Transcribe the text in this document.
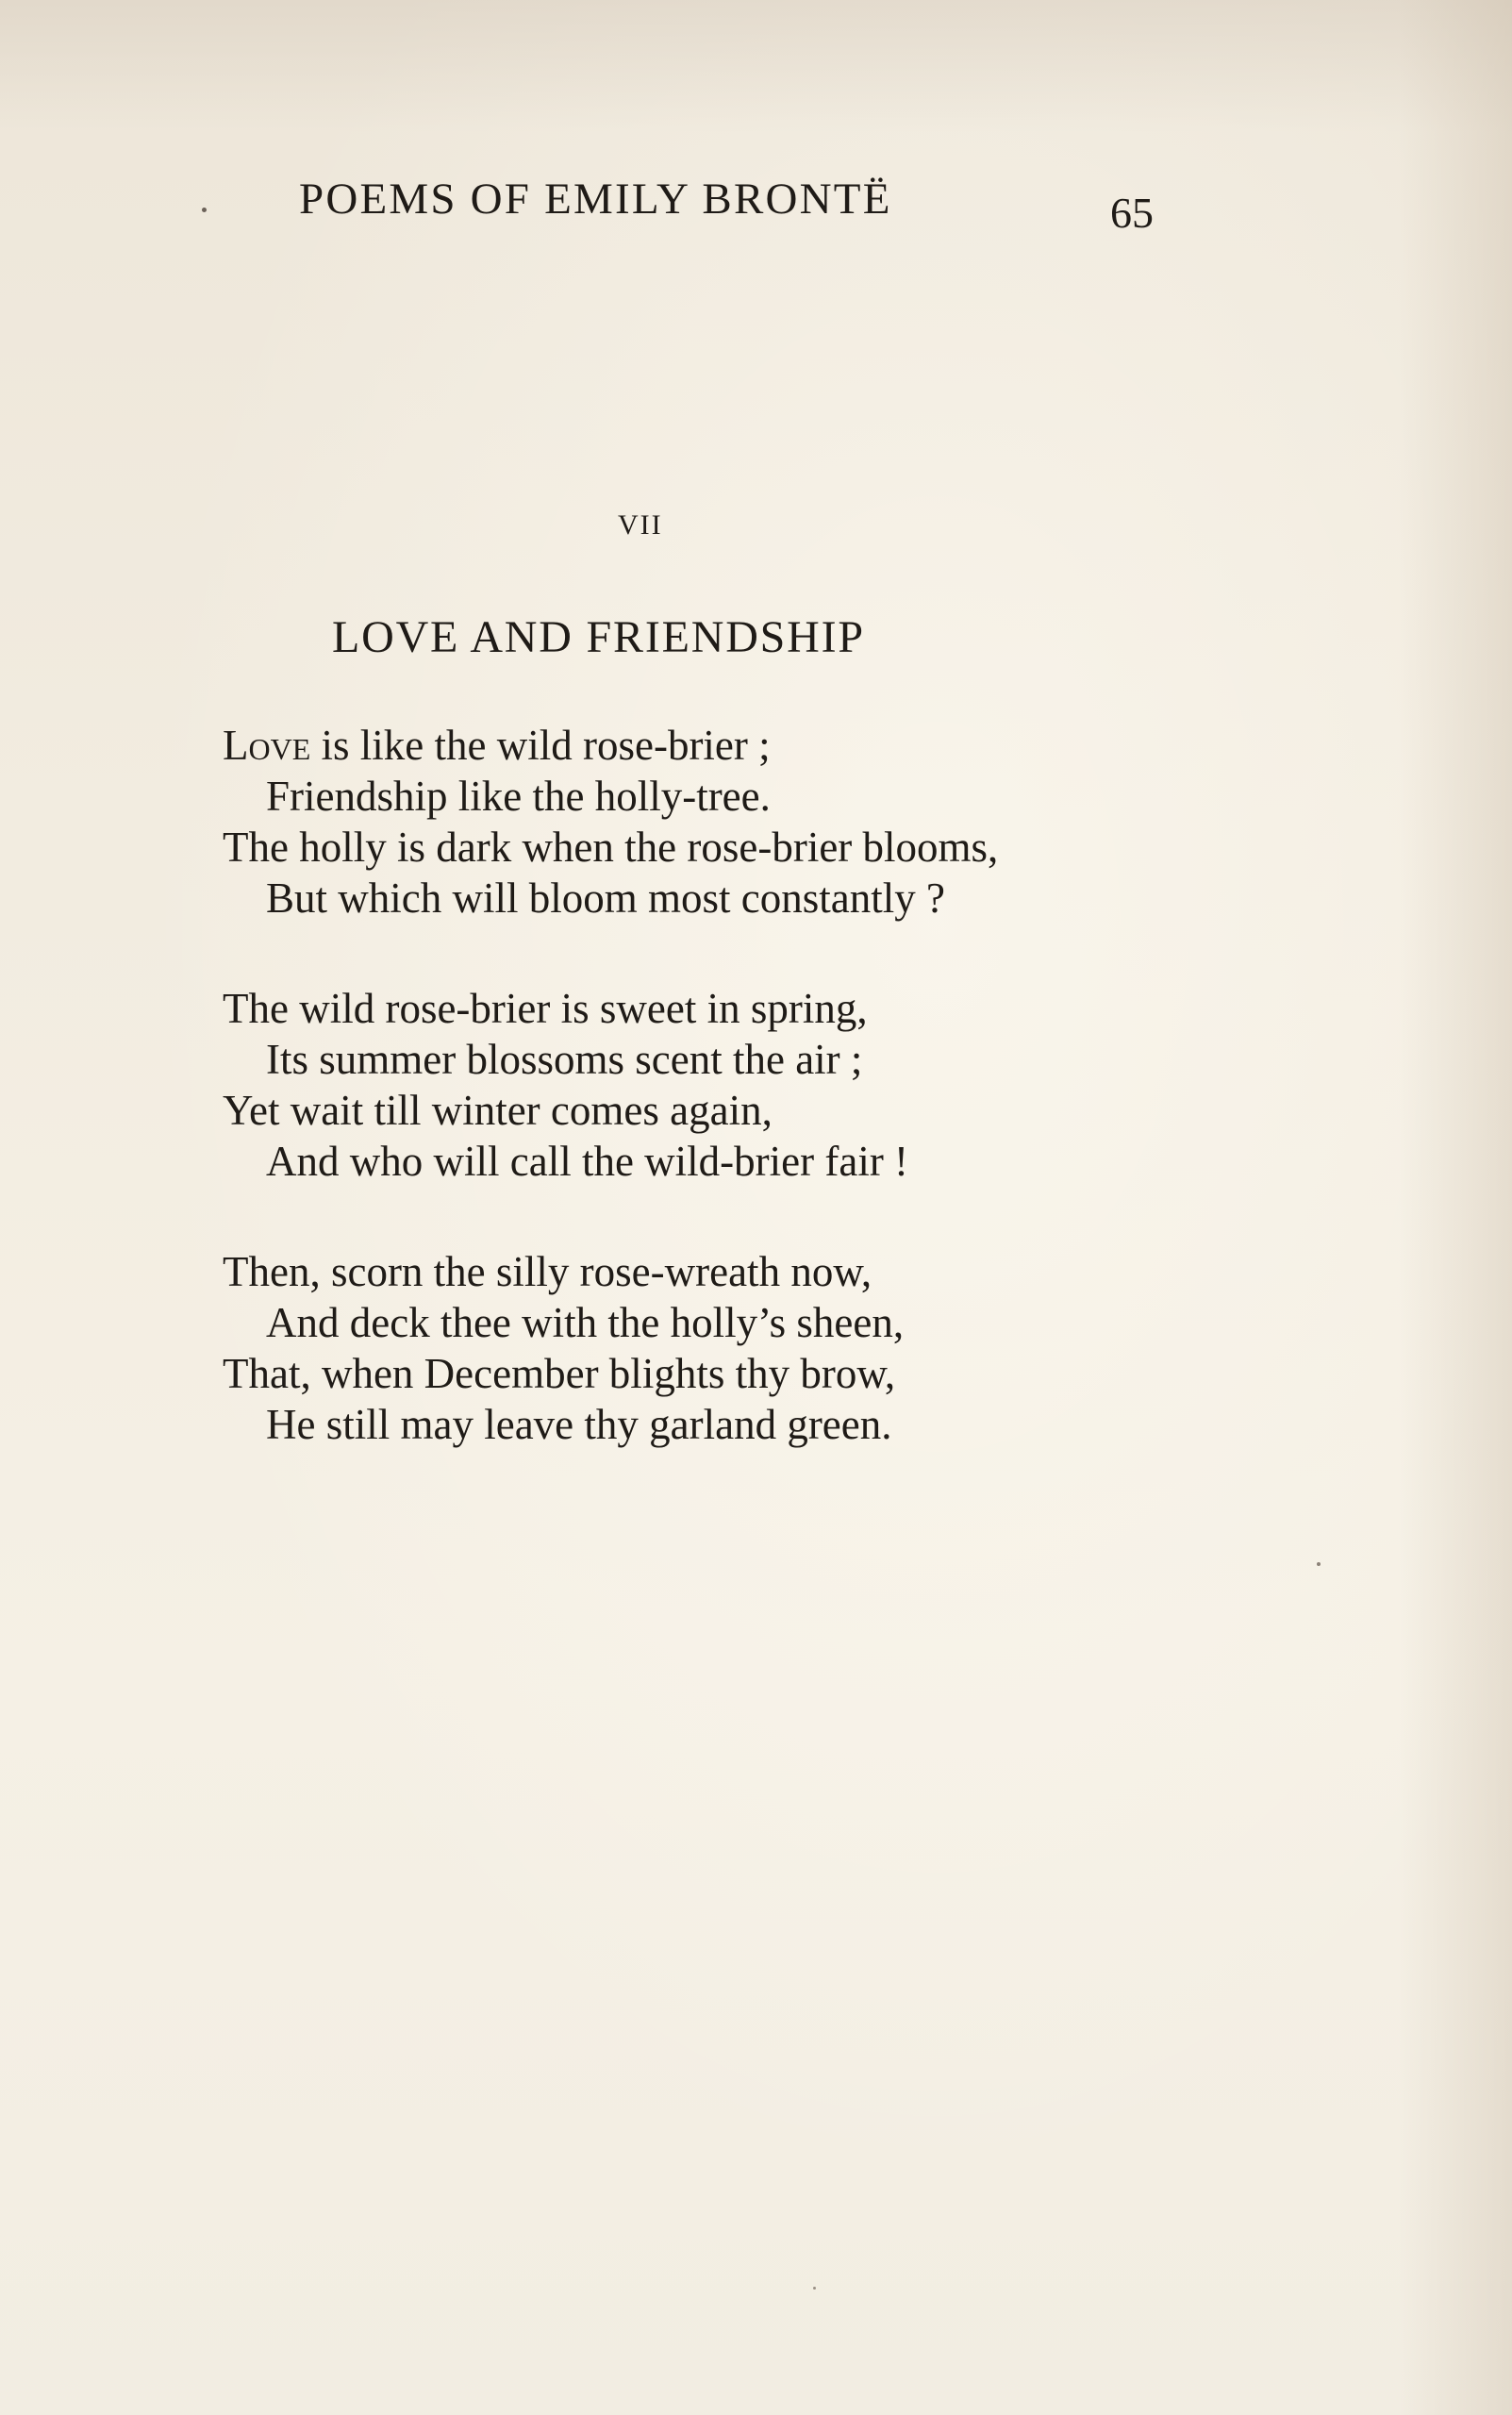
POEMS OF EMILY BRONTË	65
VII
LOVE AND FRIENDSHIP
Love is like the wild rose-brier ;
Friendship like the holly-tree.
The holly is dark when the rose-brier blooms,
But which will bloom most constantly ?
The wild rose-brier is sweet in spring,
Its summer blossoms scent the air ;
Yet wait till winter comes again,
And who will call the wild-brier fair !
Then, scorn the silly rose-wreath now,
And deck thee with the holly’s sheen,
That, when December blights thy brow,
He still may leave thy garland green.
